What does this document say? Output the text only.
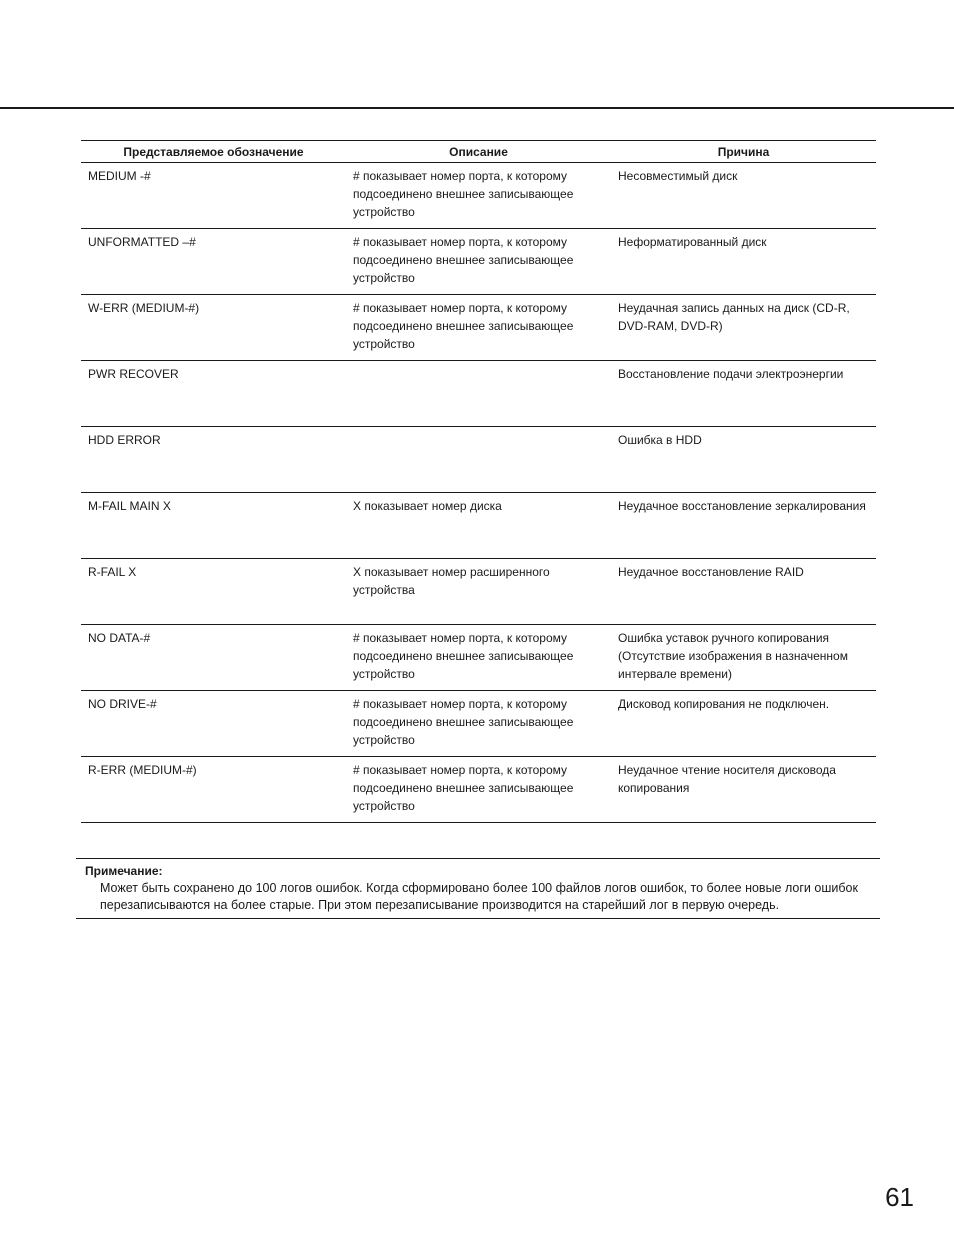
Представляемое обозначение	Описание	Причина
MEDIUM -#	# показывает номер порта, к которому подсоединено внешнее записывающее устройство	Несовместимый диск
UNFORMATTED –#	# показывает номер порта, к которому подсоединено внешнее записывающее устройство	Неформатированный диск
W-ERR (MEDIUM-#)	# показывает номер порта, к которому подсоединено внешнее записывающее устройство	Неудачная запись данных на диск (CD-R, DVD-RAM, DVD-R)
PWR RECOVER		Восстановление подачи электроэнергии
HDD ERROR		Ошибка в HDD
M-FAIL MAIN X	X показывает номер диска	Неудачное восстановление зеркалирования
R-FAIL X	X показывает номер расширенного устройства	Неудачное восстановление RAID
NO DATA-#	# показывает номер порта, к которому подсоединено внешнее записывающее устройство	Ошибка уставок ручного копирования (Отсутствие изображения в назначенном интервале времени)
NO DRIVE-#	# показывает номер порта, к которому подсоединено внешнее записывающее устройство	Дисковод копирования не подключен.
R-ERR (MEDIUM-#)	# показывает номер порта, к которому подсоединено внешнее записывающее устройство	Неудачное чтение носителя дисковода копирования
Примечание:
Может быть сохранено до 100 логов ошибок. Когда сформировано более 100 файлов логов ошибок, то более новые логи ошибок перезаписываются на более старые. При этом перезаписывание производится на старейший лог в первую очередь.
61
